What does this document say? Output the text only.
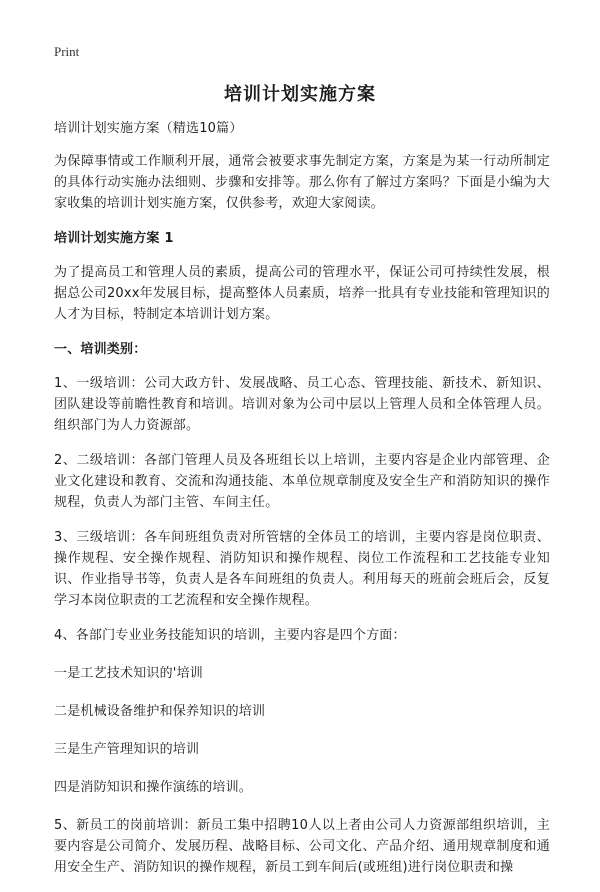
Print
培训计划实施方案

培训计划实施方案（精选10篇）

为保障事情或工作顺利开展，通常会被要求事先制定方案，方案是为某一行动所制定的具体行动实施办法细则、步骤和安排等。那么你有了解过方案吗？下面是小编为大家收集的培训计划实施方案，仅供参考，欢迎大家阅读。

培训计划实施方案 1

为了提高员工和管理人员的素质，提高公司的管理水平，保证公司可持续性发展，根据总公司20xx年发展目标，提高整体人员素质，培养一批具有专业技能和管理知识的人才为目标，特制定本培训计划方案。

一、培训类别：

1、一级培训：公司大政方针、发展战略、员工心态、管理技能、新技术、新知识、团队建设等前瞻性教育和培训。培训对象为公司中层以上管理人员和全体管理人员。组织部门为人力资源部。

2、二级培训：各部门管理人员及各班组长以上培训，主要内容是企业内部管理、企业文化建设和教育、交流和沟通技能、本单位规章制度及安全生产和消防知识的操作规程，负责人为部门主管、车间主任。

3、三级培训：各车间班组负责对所管辖的全体员工的培训，主要内容是岗位职责、操作规程、安全操作规程、消防知识和操作规程、岗位工作流程和工艺技能专业知识、作业指导书等，负责人是各车间班组的负责人。利用每天的班前会班后会，反复学习本岗位职责的工艺流程和安全操作规程。

4、各部门专业业务技能知识的培训，主要内容是四个方面：

一是工艺技术知识的'培训

二是机械设备维护和保养知识的培训

三是生产管理知识的培训

四是消防知识和操作演练的培训。

5、新员工的岗前培训：新员工集中招聘10人以上者由公司人力资源部组织培训，主要内容是公司简介、发展历程、战略目标、公司文化、产品介绍、通用规章制度和通用安全生产、消防知识的操作规程，新员工到车间后(或班组)进行岗位职责和操
